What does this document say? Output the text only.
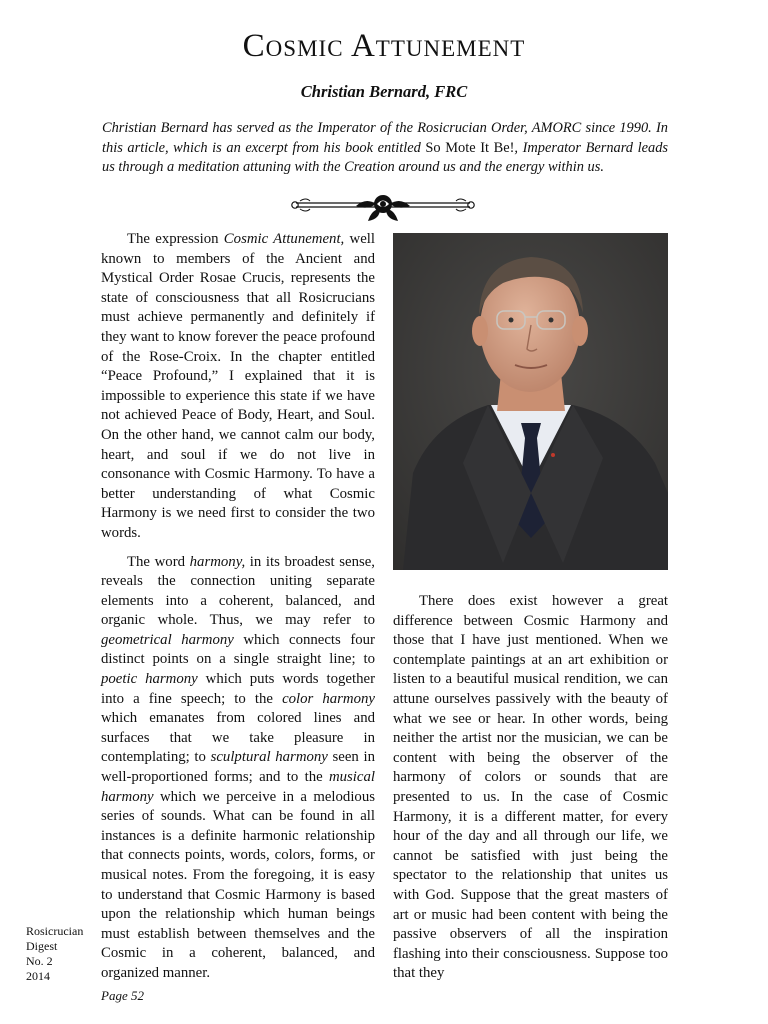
Cosmic Attunement
Christian Bernard, FRC
Christian Bernard has served as the Imperator of the Rosicrucian Order, AMORC since 1990. In this article, which is an excerpt from his book entitled So Mote It Be!, Imperator Bernard leads us through a meditation attuning with the Creation around us and the energy within us.

The expression Cosmic Attunement, well known to members of the Ancient and Mystical Order Rosae Crucis, represents the state of consciousness that all Rosicrucians must achieve permanently and definitely if they want to know forever the peace profound of the Rose-Croix. In the chapter entitled “Peace Profound,” I explained that it is impossible to experience this state if we have not achieved Peace of Body, Heart, and Soul. On the other hand, we cannot calm our body, heart, and soul if we do not live in consonance with Cosmic Harmony. To have a better understanding of what Cosmic Harmony is we need first to consider the two words.

The word harmony, in its broadest sense, reveals the connection uniting separate elements into a coherent, balanced, and organic whole. Thus, we may refer to geometrical harmony which connects four distinct points on a single straight line; to poetic harmony which puts words together into a fine speech; to the color harmony which emanates from colored lines and surfaces that we take pleasure in contemplating; to sculptural harmony seen in well-proportioned forms; and to the musical harmony which we perceive in a melodious series of sounds. What can be found in all instances is a definite harmonic relationship that connects points, words, colors, forms, or musical notes. From the foregoing, it is easy to understand that Cosmic Harmony is based upon the relationship which human beings must establish between themselves and the Cosmic in a coherent, balanced, and organized manner.

There does exist however a great difference between Cosmic Harmony and those that I have just mentioned. When we contemplate paintings at an art exhibition or listen to a beautiful musical rendition, we can attune ourselves passively with the beauty of what we see or hear. In other words, being neither the artist nor the musician, we can be content with being the observer of the harmony of colors or sounds that are presented to us. In the case of Cosmic Harmony, it is a different matter, for every hour of the day and all through our life, we cannot be satisfied with just being the spectator to the relationship that unites us with God. Suppose that the great masters of art or music had been content with being the passive observers of all the inspiration flashing into their consciousness. Suppose too that they

Rosicrucian
Digest
No. 2
2014
Page 52
